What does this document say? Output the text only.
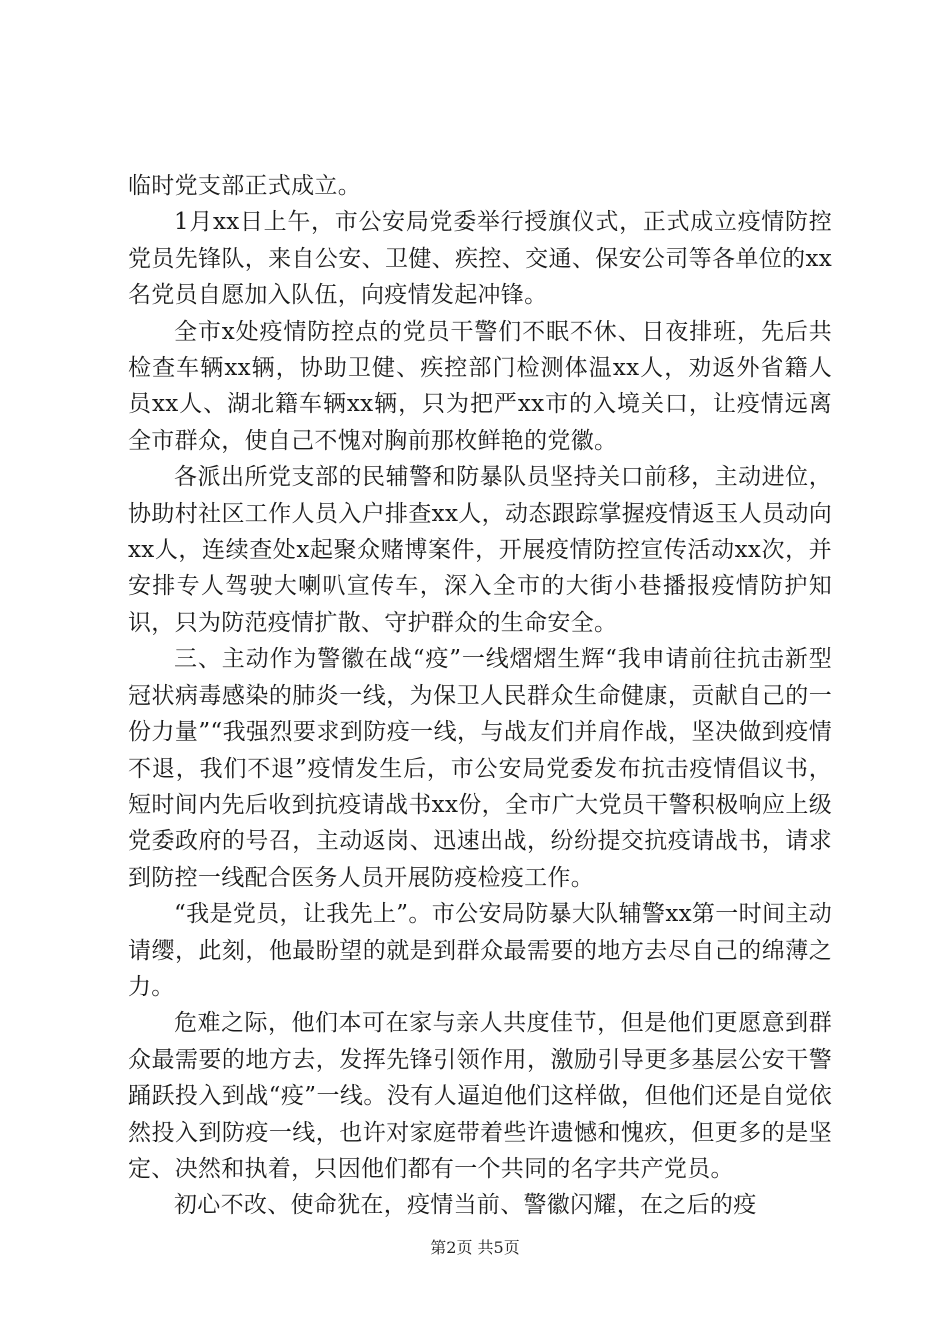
临时党支部正式成立。

1月xx日上午，市公安局党委举行授旗仪式，正式成立疫情防控党员先锋队，来自公安、卫健、疾控、交通、保安公司等各单位的xx名党员自愿加入队伍，向疫情发起冲锋。

全市x处疫情防控点的党员干警们不眠不休、日夜排班，先后共检查车辆xx辆，协助卫健、疾控部门检测体温xx人，劝返外省籍人员xx人、湖北籍车辆xx辆，只为把严xx市的入境关口，让疫情远离全市群众，使自己不愧对胸前那枚鲜艳的党徽。

各派出所党支部的民辅警和防暴队员坚持关口前移，主动进位，协助村社区工作人员入户排查xx人，动态跟踪掌握疫情返玉人员动向xx人，连续查处x起聚众赌博案件，开展疫情防控宣传活动xx次，并安排专人驾驶大喇叭宣传车，深入全市的大街小巷播报疫情防护知识，只为防范疫情扩散、守护群众的生命安全。

三、主动作为警徽在战“疫”一线熠熠生辉“我申请前往抗击新型冠状病毒感染的肺炎一线，为保卫人民群众生命健康，贡献自己的一份力量”“我强烈要求到防疫一线，与战友们并肩作战，坚决做到疫情不退，我们不退”疫情发生后，市公安局党委发布抗击疫情倡议书，短时间内先后收到抗疫请战书xx份，全市广大党员干警积极响应上级党委政府的号召，主动返岗、迅速出战，纷纷提交抗疫请战书，请求到防控一线配合医务人员开展防疫检疫工作。

“我是党员，让我先上”。市公安局防暴大队辅警xx第一时间主动请缨，此刻，他最盼望的就是到群众最需要的地方去尽自己的绵薄之力。

危难之际，他们本可在家与亲人共度佳节，但是他们更愿意到群众最需要的地方去，发挥先锋引领作用，激励引导更多基层公安干警踊跃投入到战“疫”一线。没有人逼迫他们这样做，但他们还是自觉依然投入到防疫一线，也许对家庭带着些许遗憾和愧疚，但更多的是坚定、决然和执着，只因他们都有一个共同的名字共产党员。

初心不改、使命犹在，疫情当前、警徽闪耀，在之后的疫

第2页 共5页
